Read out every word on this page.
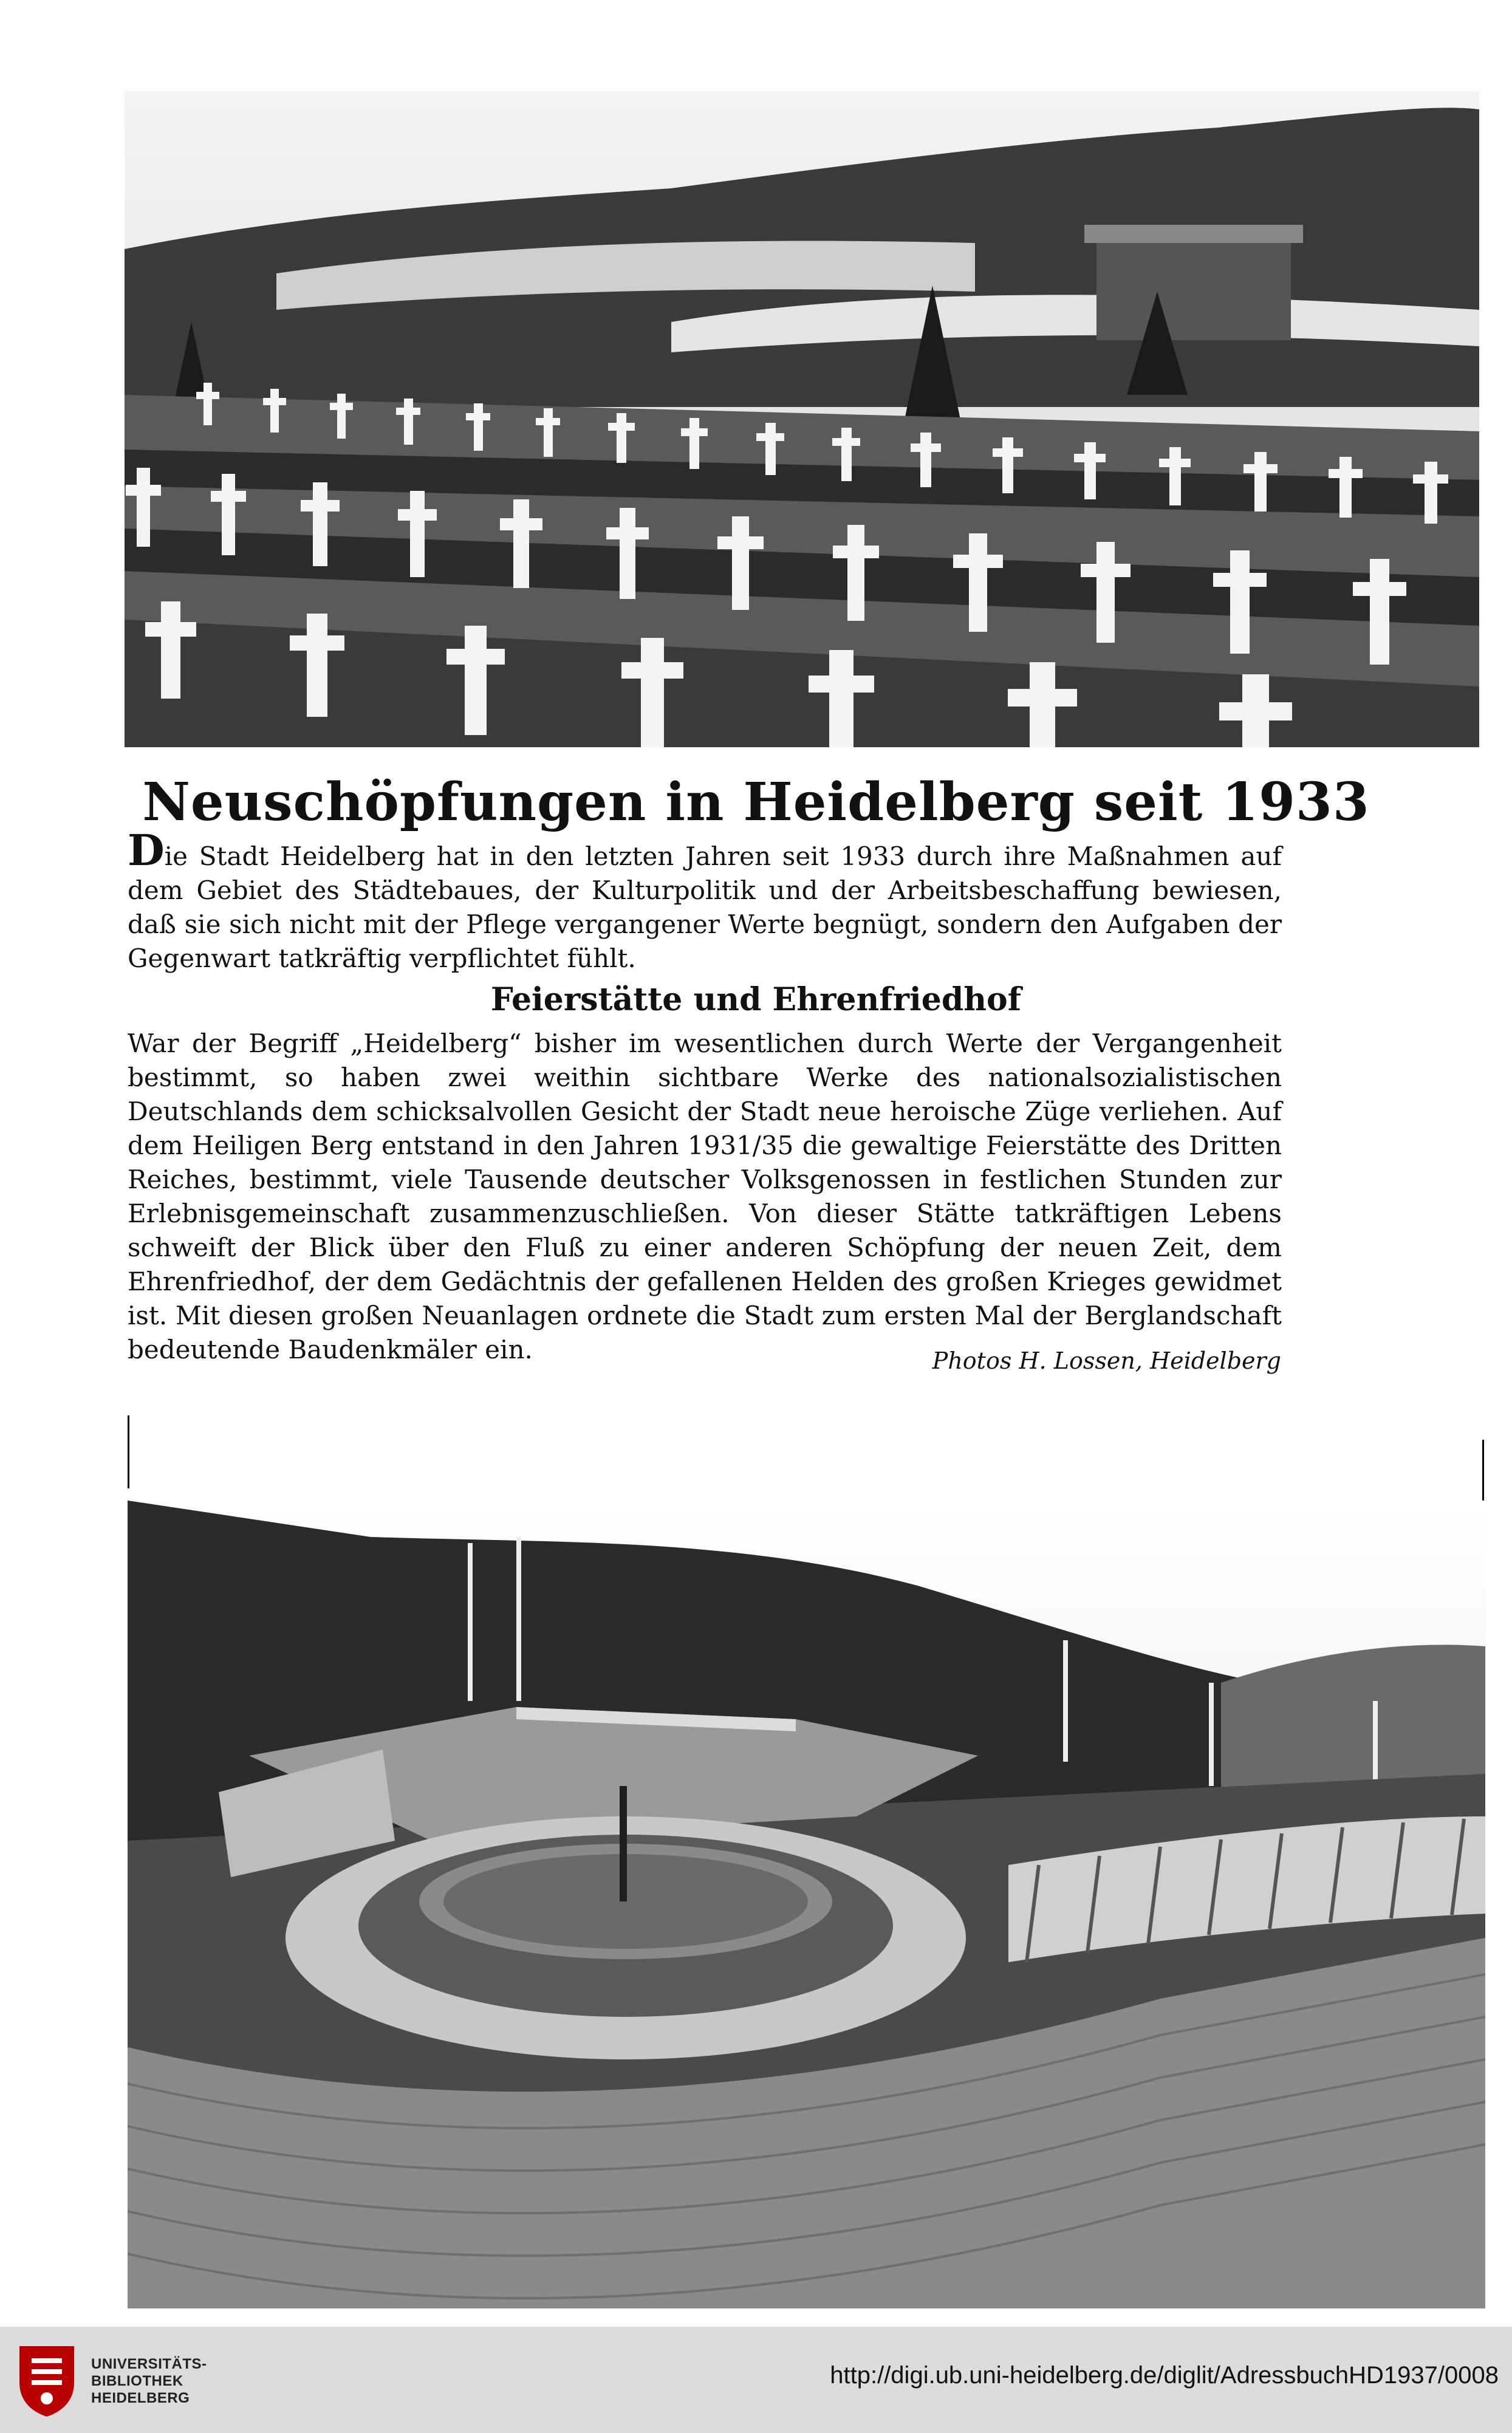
Neuschöpfungen in Heidelberg seit 1933
Die Stadt Heidelberg hat in den letzten Jahren seit 1933 durch ihre Maßnahmen auf dem Gebiet des Städtebaues, der Kulturpolitik und der Arbeitsbeschaffung bewiesen, daß sie sich nicht mit der Pflege vergangener Werte begnügt, sondern den Aufgaben der Gegenwart tatkräftig verpflichtet fühlt.
Feierstätte und Ehrenfriedhof
War der Begriff „Heidelberg“ bisher im wesentlichen durch Werte der Vergangenheit bestimmt, so haben zwei weithin sichtbare Werke des nationalsozialistischen Deutschlands dem schicksalvollen Gesicht der Stadt neue heroische Züge verliehen. Auf dem Heiligen Berg entstand in den Jahren 1931/35 die gewaltige Feierstätte des Dritten Reiches, bestimmt, viele Tausende deutscher Volksgenossen in festlichen Stunden zur Erlebnisgemeinschaft zusammenzuschließen. Von dieser Stätte tatkräftigen Lebens schweift der Blick über den Fluß zu einer anderen Schöpfung der neuen Zeit, dem Ehrenfriedhof, der dem Gedächtnis der gefallenen Helden des großen Krieges gewidmet ist. Mit diesen großen Neuanlagen ordnete die Stadt zum ersten Mal der Berglandschaft bedeutende Baudenkmäler ein.	Photos H. Lossen, Heidelberg
UNIVERSITÄTS-
BIBLIOTHEK
HEIDELBERG
http://digi.ub.uni-heidelberg.de/diglit/AdressbuchHD1937/0008
